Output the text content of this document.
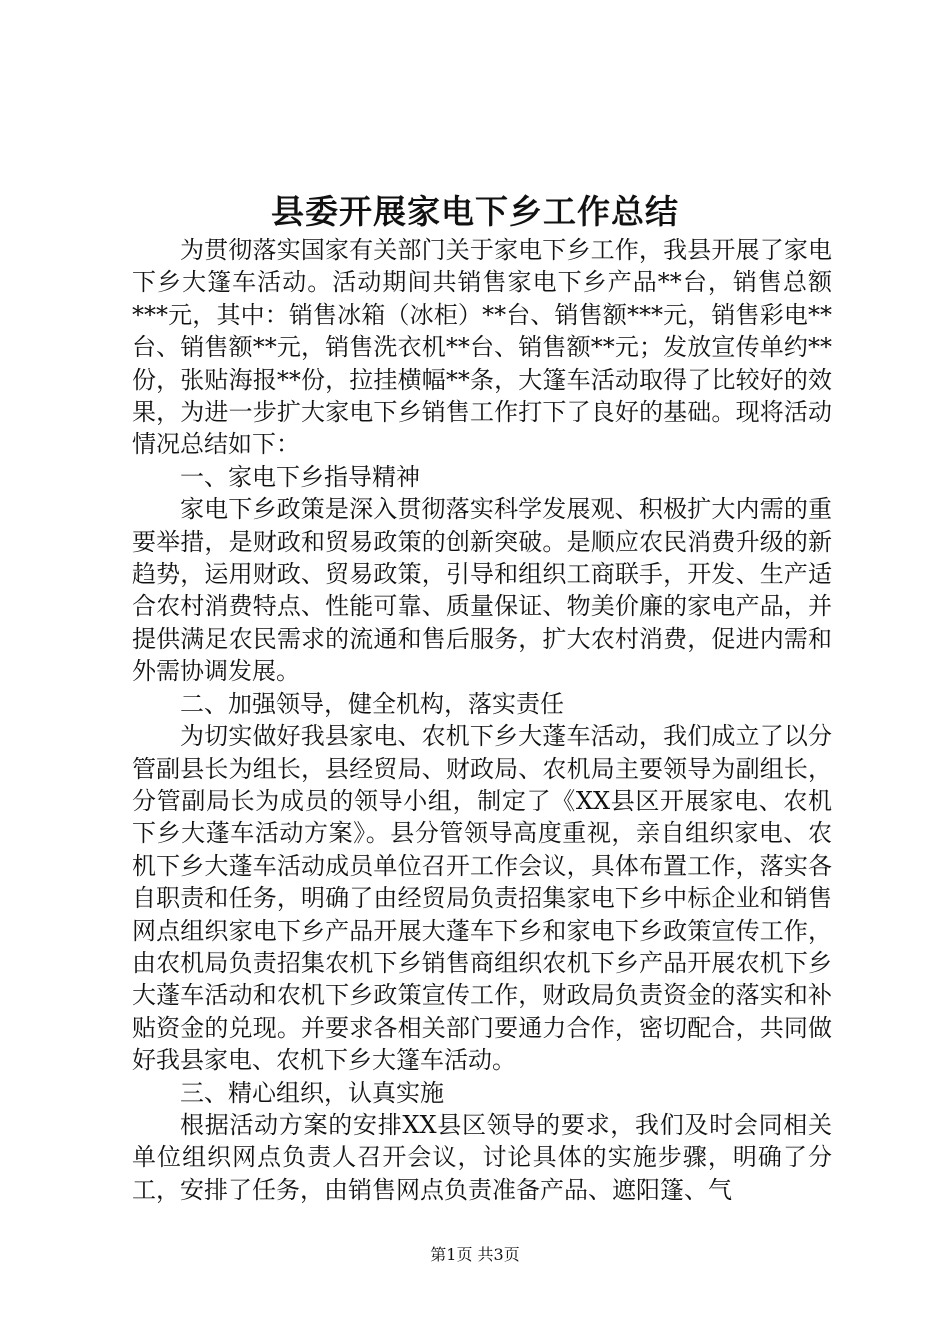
县委开展家电下乡工作总结

为贯彻落实国家有关部门关于家电下乡工作，我县开展了家电下乡大篷车活动。活动期间共销售家电下乡产品**台，销售总额***元，其中：销售冰箱（冰柜）**台、销售额***元，销售彩电**台、销售额**元，销售洗衣机**台、销售额**元；发放宣传单约**份，张贴海报**份，拉挂横幅**条，大篷车活动取得了比较好的效果，为进一步扩大家电下乡销售工作打下了良好的基础。现将活动情况总结如下：

一、家电下乡指导精神

家电下乡政策是深入贯彻落实科学发展观、积极扩大内需的重要举措，是财政和贸易政策的创新突破。是顺应农民消费升级的新趋势，运用财政、贸易政策，引导和组织工商联手，开发、生产适合农村消费特点、性能可靠、质量保证、物美价廉的家电产品，并提供满足农民需求的流通和售后服务，扩大农村消费，促进内需和外需协调发展。

二、加强领导，健全机构，落实责任

为切实做好我县家电、农机下乡大蓬车活动，我们成立了以分管副县长为组长，县经贸局、财政局、农机局主要领导为副组长，分管副局长为成员的领导小组，制定了《XX县区开展家电、农机下乡大蓬车活动方案》。县分管领导高度重视，亲自组织家电、农机下乡大蓬车活动成员单位召开工作会议，具体布置工作，落实各自职责和任务，明确了由经贸局负责招集家电下乡中标企业和销售网点组织家电下乡产品开展大蓬车下乡和家电下乡政策宣传工作，由农机局负责招集农机下乡销售商组织农机下乡产品开展农机下乡大蓬车活动和农机下乡政策宣传工作，财政局负责资金的落实和补贴资金的兑现。并要求各相关部门要通力合作，密切配合，共同做好我县家电、农机下乡大篷车活动。

三、精心组织，认真实施

根据活动方案的安排XX县区领导的要求，我们及时会同相关单位组织网点负责人召开会议，讨论具体的实施步骤，明确了分工，安排了任务，由销售网点负责准备产品、遮阳篷、气

第1页 共3页
